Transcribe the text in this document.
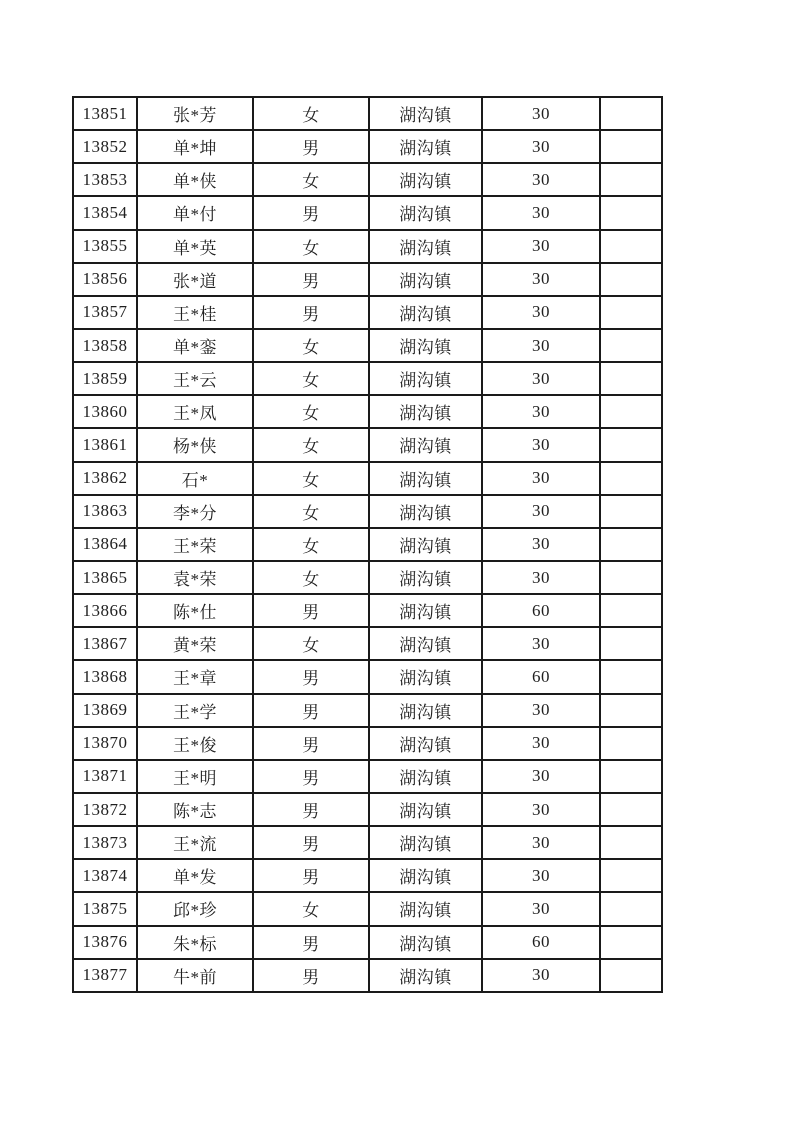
13851	张*芳	女	湖沟镇	30	
13852	单*坤	男	湖沟镇	30	
13853	单*侠	女	湖沟镇	30	
13854	单*付	男	湖沟镇	30	
13855	单*英	女	湖沟镇	30	
13856	张*道	男	湖沟镇	30	
13857	王*桂	男	湖沟镇	30	
13858	单*銮	女	湖沟镇	30	
13859	王*云	女	湖沟镇	30	
13860	王*凤	女	湖沟镇	30	
13861	杨*侠	女	湖沟镇	30	
13862	石*	女	湖沟镇	30	
13863	李*分	女	湖沟镇	30	
13864	王*荣	女	湖沟镇	30	
13865	袁*荣	女	湖沟镇	30	
13866	陈*仕	男	湖沟镇	60	
13867	黄*荣	女	湖沟镇	30	
13868	王*章	男	湖沟镇	60	
13869	王*学	男	湖沟镇	30	
13870	王*俊	男	湖沟镇	30	
13871	王*明	男	湖沟镇	30	
13872	陈*志	男	湖沟镇	30	
13873	王*流	男	湖沟镇	30	
13874	单*发	男	湖沟镇	30	
13875	邱*珍	女	湖沟镇	30	
13876	朱*标	男	湖沟镇	60	
13877	牛*前	男	湖沟镇	30	
